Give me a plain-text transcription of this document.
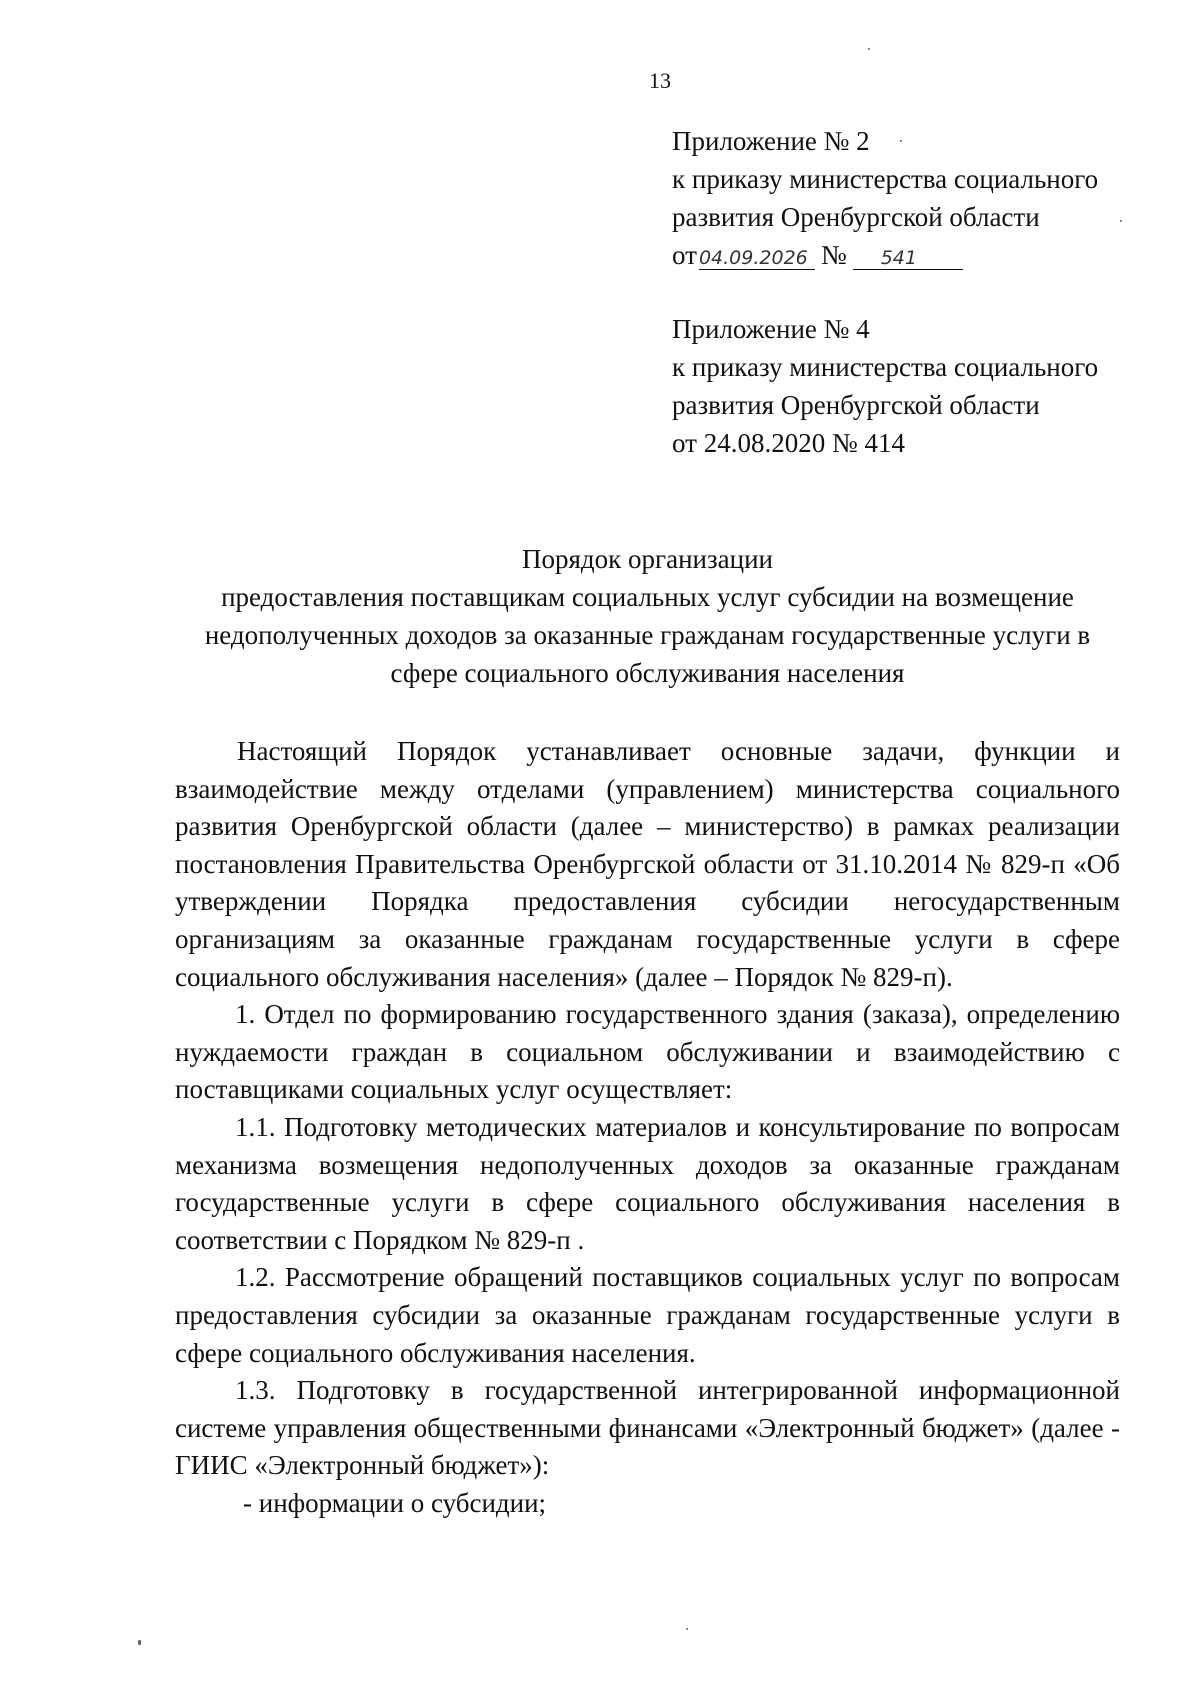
13
Приложение № 2
к приказу министерства социального
развития Оренбургской области
от 04.09.2026 № 541
Приложение № 4
к приказу министерства социального
развития Оренбургской области
от 24.08.2020 № 414
Порядок организации
предоставления поставщикам социальных услуг субсидии на возмещение
недополученных доходов за оказанные гражданам государственные услуги в
сфере социального обслуживания населения

Настоящий Порядок устанавливает основные задачи, функции и взаимодействие между отделами (управлением) министерства социального развития Оренбургской области (далее – министерство) в рамках реализации постановления Правительства Оренбургской области от 31.10.2014 № 829-п «Об утверждении Порядка предоставления субсидии негосударственным организациям за оказанные гражданам государственные услуги в сфере социального обслуживания населения» (далее – Порядок № 829-п).

1. Отдел по формированию государственного здания (заказа), определению нуждаемости граждан в социальном обслуживании и взаимодействию с поставщиками социальных услуг осуществляет:

1.1. Подготовку методических материалов и консультирование по вопросам механизма возмещения недополученных доходов за оказанные гражданам государственные услуги в сфере социального обслуживания населения в соответствии с Порядком № 829-п .

1.2. Рассмотрение обращений поставщиков социальных услуг по вопросам предоставления субсидии за оказанные гражданам государственные услуги в сфере социального обслуживания населения.

1.3. Подготовку в государственной интегрированной информационной системе управления общественными финансами «Электронный бюджет» (далее - ГИИС «Электронный бюджет»):

- информации о субсидии;
